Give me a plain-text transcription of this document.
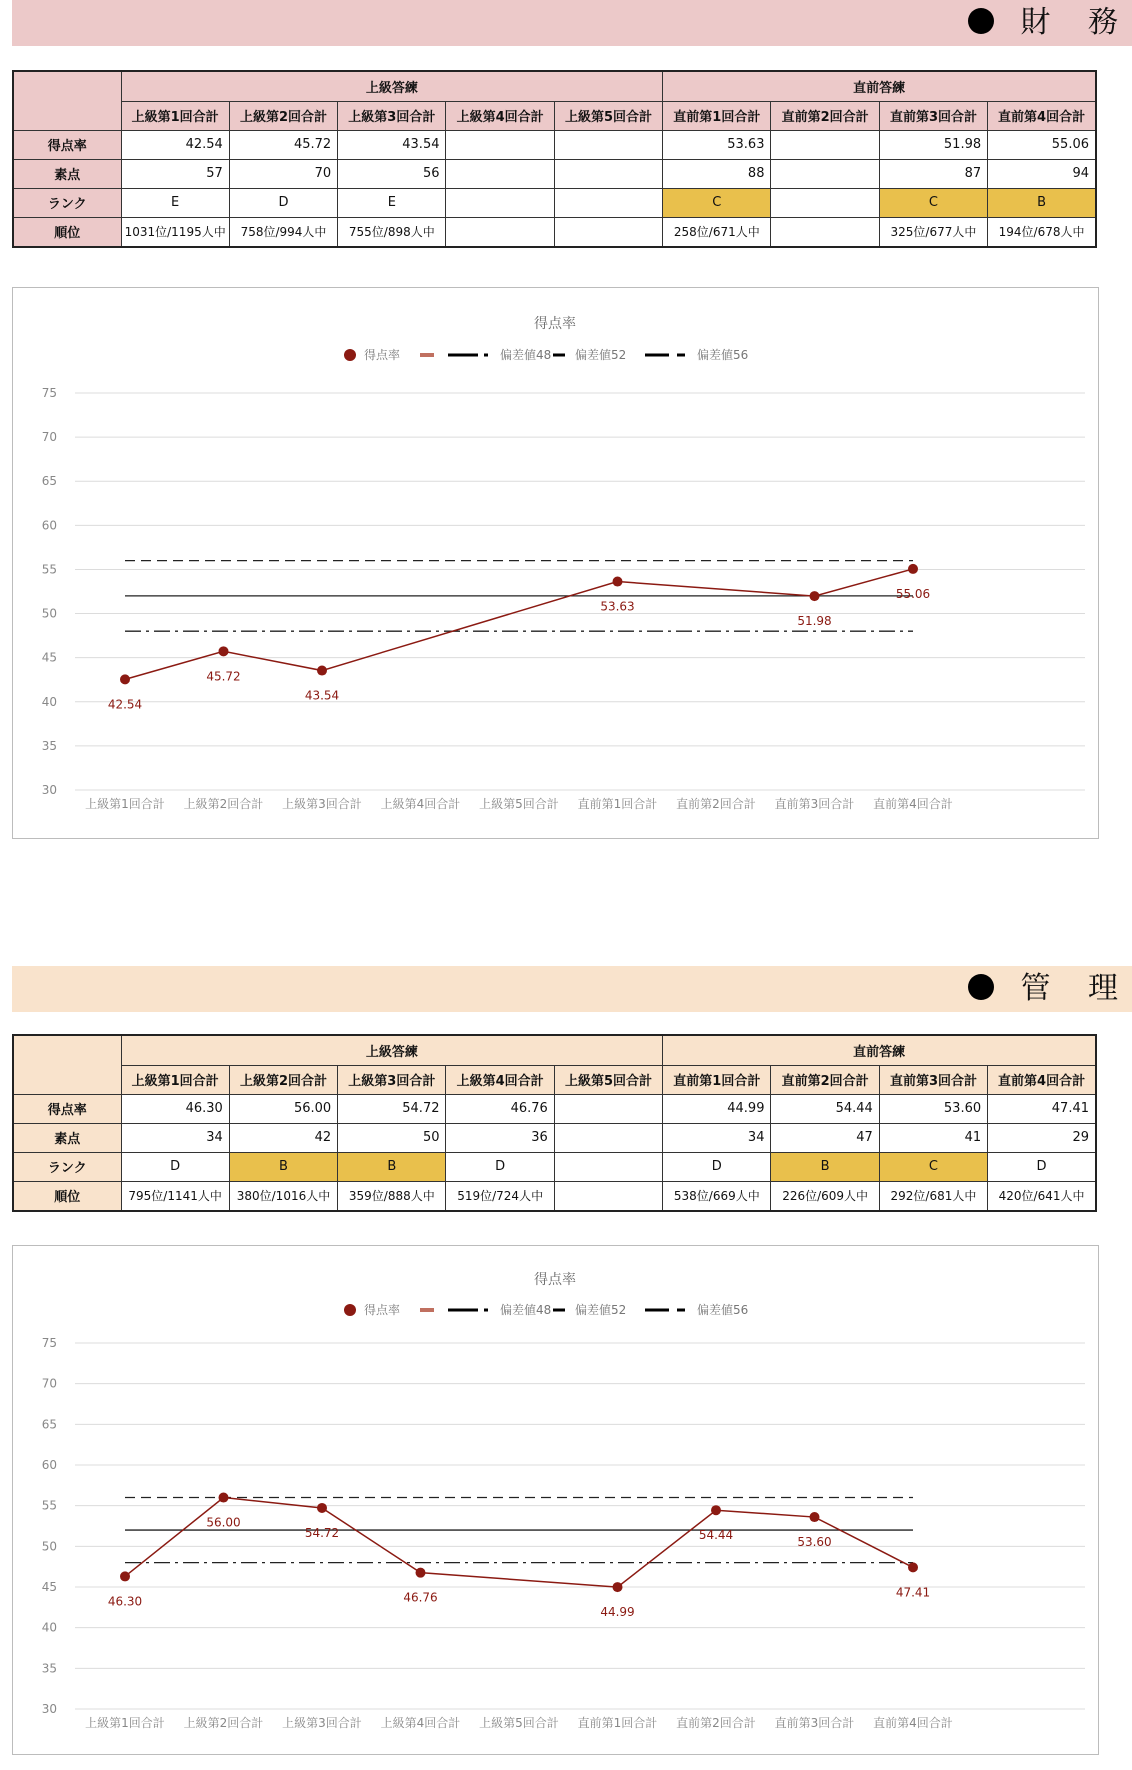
財 務
	上級答練					直前答練			
	上級第1回合計	上級第2回合計	上級第3回合計	上級第4回合計	上級第5回合計	直前第1回合計	直前第2回合計	直前第3回合計	直前第4回合計
得点率	42.54	45.72	43.54			53.63		51.98	55.06
素点	57	70	56			88		87	94
ランク	E	D	E			C		C	B
順位	1031位/1195人中	758位/994人中	755位/898人中			258位/671人中		325位/677人中	194位/678人中
得点率
得点率	偏差値48 偏差値52	偏差値56
75
70
65
60
55
50
45
40
35
30
上級第1回合計 上級第2回合計 上級第3回合計 上級第4回合計 上級第5回合計 直前第1回合計 直前第2回合計 直前第3回合計 直前第4回合計
42.54
45.72
43.54
53.63
51.98
55.06
管 理
	上級答練					直前答練			
	上級第1回合計	上級第2回合計	上級第3回合計	上級第4回合計	上級第5回合計	直前第1回合計	直前第2回合計	直前第3回合計	直前第4回合計
得点率	46.30	56.00	54.72	46.76		44.99	54.44	53.60	47.41
素点	34	42	50	36		34	47	41	29
ランク	D	B	B	D		D	B	C	D
順位	795位/1141人中	380位/1016人中	359位/888人中	519位/724人中		538位/669人中	226位/609人中	292位/681人中	420位/641人中
得点率
得点率	偏差値48 偏差値52	偏差値56
75
70
65
60
55
50
45
40
35
30
上級第1回合計 上級第2回合計 上級第3回合計 上級第4回合計 上級第5回合計 直前第1回合計 直前第2回合計 直前第3回合計 直前第4回合計
46.30
56.00
54.72
46.76
44.99
54.44	53.60
47.41
